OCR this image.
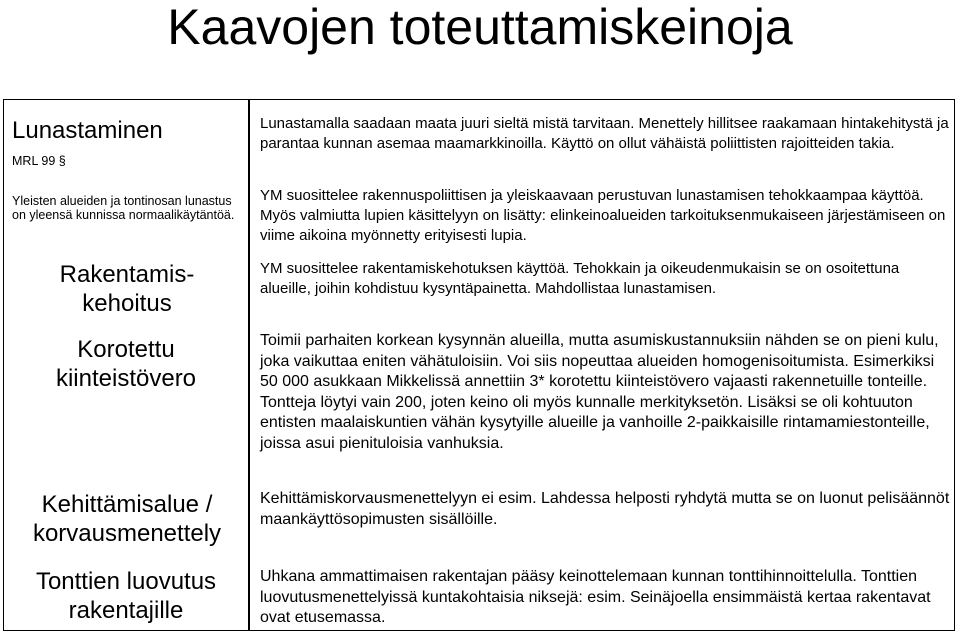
Kaavojen toteuttamiskeinoja
Lunastaminen
MRL 99 §
Yleisten alueiden ja tontinosan lunastus on yleensä kunnissa normaalikäytäntöä.
Rakentamis-kehoitus
Korotettu kiinteistövero
Kehittämisalue / korvausmenettely
Tonttien luovutus rakentajille

Lunastamalla saadaan maata juuri sieltä mistä tarvitaan. Menettely hillitsee raakamaan hintakehitystä ja parantaa kunnan asemaa maamarkkinoilla. Käyttö on ollut vähäistä poliittisten rajoitteiden takia.

YM suosittelee rakennuspoliittisen ja yleiskaavaan perustuvan lunastamisen tehokkaampaa käyttöä. Myös valmiutta lupien käsittelyyn on lisätty: elinkeinoalueiden tarkoituksenmukaiseen järjestämiseen on viime aikoina myönnetty erityisesti lupia.

YM suosittelee rakentamiskehotuksen käyttöä. Tehokkain ja oikeudenmukaisin se on osoitettuna alueille, joihin kohdistuu kysyntäpainetta. Mahdollistaa lunastamisen.

Toimii parhaiten korkean kysynnän alueilla, mutta asumiskustannuksiin nähden se on pieni kulu, joka vaikuttaa eniten vähätuloisiin. Voi siis nopeuttaa alueiden homogenisoitumista. Esimerkiksi 50 000 asukkaan Mikkelissä annettiin 3* korotettu kiinteistövero vajaasti rakennetuille tonteille. Tontteja löytyi vain 200, joten keino oli myös kunnalle merkityksetön. Lisäksi se oli kohtuuton entisten maalaiskuntien vähän kysytyille alueille ja vanhoille 2-paikkaisille rintamamiestonteille, joissa asui pienituloisia vanhuksia.

Kehittämiskorvausmenettelyyn ei esim. Lahdessa helposti ryhdytä mutta se on luonut pelisäännöt maankäyttösopimusten sisällöille.

Uhkana ammattimaisen rakentajan pääsy keinottelemaan kunnan tonttihinnoittelulla. Tonttien luovutusmenettelyissä kuntakohtaisia niksejä: esim. Seinäjoella ensimmäistä kertaa rakentavat ovat etusemassa.
